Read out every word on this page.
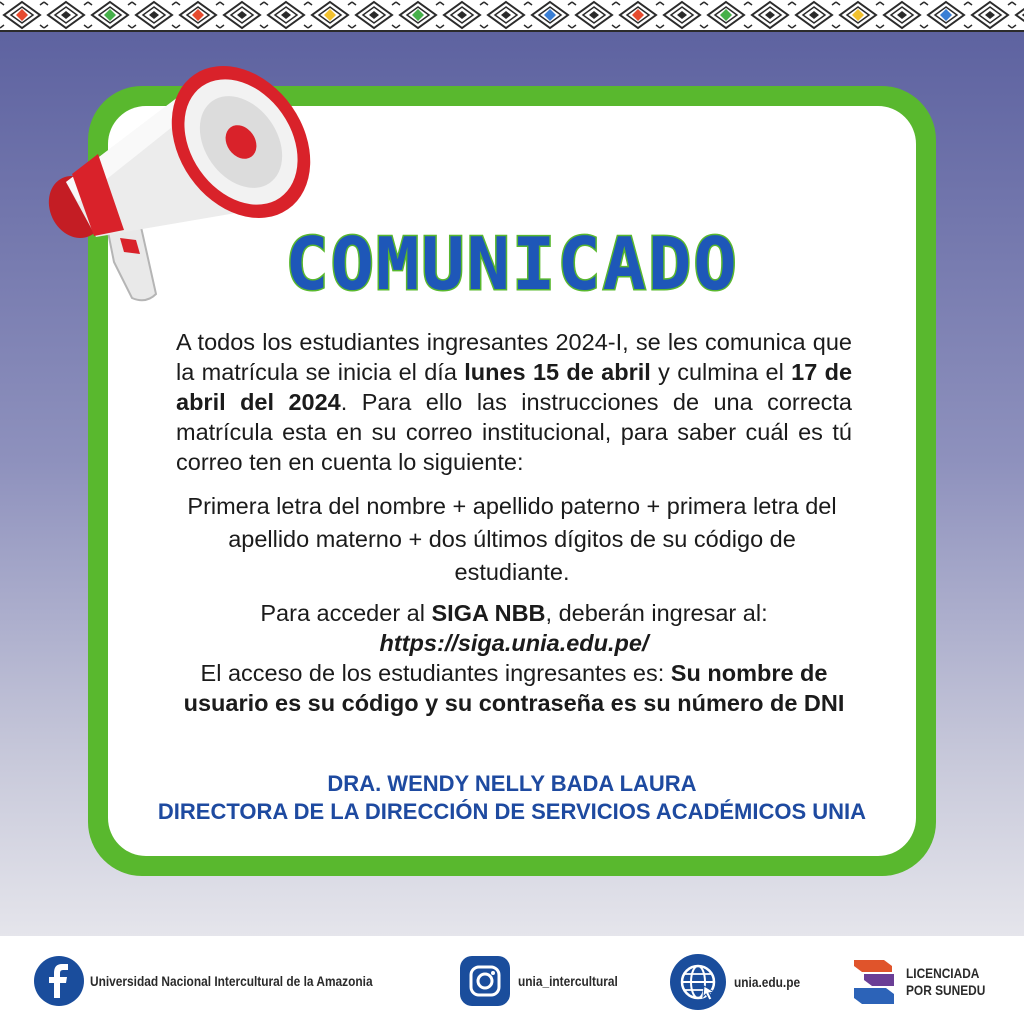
COMUNICADO
A todos los estudiantes ingresantes 2024-I, se les comunica que la matrícula se inicia el día lunes 15 de abril y culmina el 17 de abril del 2024. Para ello las instrucciones de una correcta matrícula esta en su correo institucional, para saber cuál es tú correo ten en cuenta lo siguiente:
Primera letra del nombre + apellido paterno + primera letra del apellido materno + dos últimos dígitos de su código de estudiante.
Para acceder al SIGA NBB, deberán ingresar al:
https://siga.unia.edu.pe/
El acceso de los estudiantes ingresantes es: Su nombre de usuario es su código y su contraseña es su número de DNI
DRA. WENDY NELLY BADA LAURA
DIRECTORA DE LA DIRECCIÓN DE SERVICIOS ACADÉMICOS UNIA
Universidad Nacional Intercultural de la Amazonia	unia_intercultural	unia.edu.pe
LICENCIADA
POR SUNEDU
